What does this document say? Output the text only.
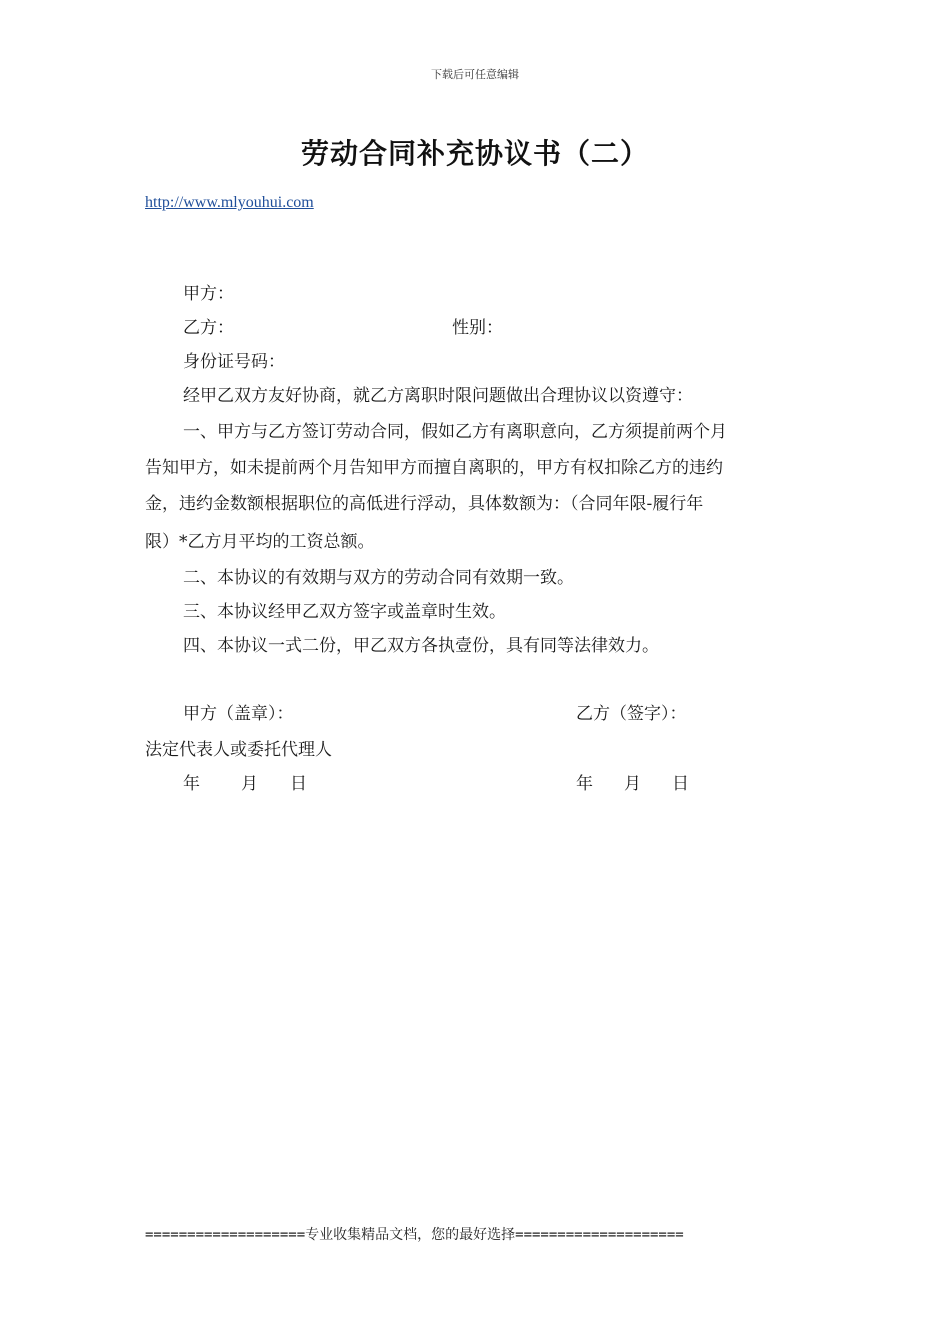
下载后可任意编辑
劳动合同补充协议书（二）
http://www.mlyouhui.com
甲方：
乙方：	性别：
身份证号码：
经甲乙双方友好协商，就乙方离职时限问题做出合理协议以资遵守：
一、甲方与乙方签订劳动合同，假如乙方有离职意向，乙方须提前两个月
告知甲方，如未提前两个月告知甲方而擅自离职的，甲方有权扣除乙方的违约
金，违约金数额根据职位的高低进行浮动，具体数额为：（合同年限-履行年
限）*乙方月平均的工资总额。
二、本协议的有效期与双方的劳动合同有效期一致。
三、本协议经甲乙双方签字或盖章时生效。
四、本协议一式二份，甲乙双方各执壹份，具有同等法律效力。
甲方（盖章）：	乙方（签字）：
法定代表人或委托代理人
年 月 日	年 月 日
===================专业收集精品文档，您的最好选择====================
